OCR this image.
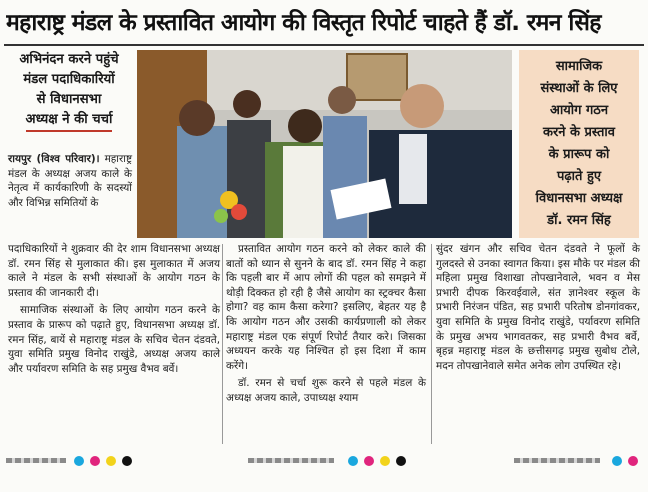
महाराष्ट्र मंडल के प्रस्तावित आयोग की विस्तृत रिपोर्ट चाहते हैं डॉ. रमन सिंह
अभिनंदन करने पहुंचे
मंडल पदाधिकारियों
से विधानसभा
अध्यक्ष ने की चर्चा
सामाजिक
संस्थाओं के लिए
आयोग गठन
करने के प्रस्ताव
के प्रारूप को
पढ़ाते हुए
विधानसभा अध्यक्ष
डॉ. रमन सिंह

रायपुर (विश्व परिवार)। महाराष्ट्र मंडल के अध्यक्ष अजय काले के नेतृत्व में कार्यकारिणी के सदस्यों और विभिन्न समितियों के

पदाधिकारियों ने शुक्रवार की देर शाम विधानसभा अध्यक्ष डॉ. रमन सिंह से मुलाकात की। इस मुलाकात में अजय काले ने मंडल के सभी संस्थाओं के आयोग गठन के प्रस्ताव की जानकारी दी।

सामाजिक संस्थाओं के लिए आयोग गठन करने के प्रस्ताव के प्रारूप को पढ़ाते हुए, विधानसभा अध्यक्ष डॉ. रमन सिंह, बायें से महाराष्ट्र मंडल के सचिव चेतन दंडवते, युवा समिति प्रमुख विनोद राखुंडे, अध्यक्ष अजय काले और पर्यावरण समिति के सह प्रमुख वैभव बर्वे।

प्रस्तावित आयोग गठन करने को लेकर काले की बातों को ध्यान से सुनने के बाद डॉ. रमन सिंह ने कहा कि पहली बार में आप लोगों की पहल को समझने में थोड़ी दिक्कत हो रही है जैसे आयोग का स्ट्रक्चर कैसा होगा? वह काम कैसा करेगा? इसलिए, बेहतर यह है कि आयोग गठन और उसकी कार्यप्रणाली को लेकर महाराष्ट्र मंडल एक संपूर्ण रिपोर्ट तैयार करे। जिसका अध्ययन करके यह निश्चित हो इस दिशा में काम करेंगे।

डॉ. रमन से चर्चा शुरू करने से पहले मंडल के अध्यक्ष अजय काले, उपाध्यक्ष श्याम

सुंदर खंगन और सचिव चेतन दंडवते ने फूलों के गुलदस्ते से उनका स्वागत किया। इस मौके पर मंडल की महिला प्रमुख विशाखा तोपखानेवाले, भवन व मेस प्रभारी दीपक किरवईवाले, संत ज्ञानेश्वर स्कूल के प्रभारी निरंजन पंडित, सह प्रभारी परितोष डोनगांवकर, युवा समिति के प्रमुख विनोद राखुंडे, पर्यावरण समिति के प्रमुख अभय भागवतकर, सह प्रभारी वैभव बर्वे, बृहन्न महाराष्ट्र मंडल के छत्तीसगढ़ प्रमुख सुबोध टोले, मदन तोपखानेवाले समेत अनेक लोग उपस्थित रहे।
